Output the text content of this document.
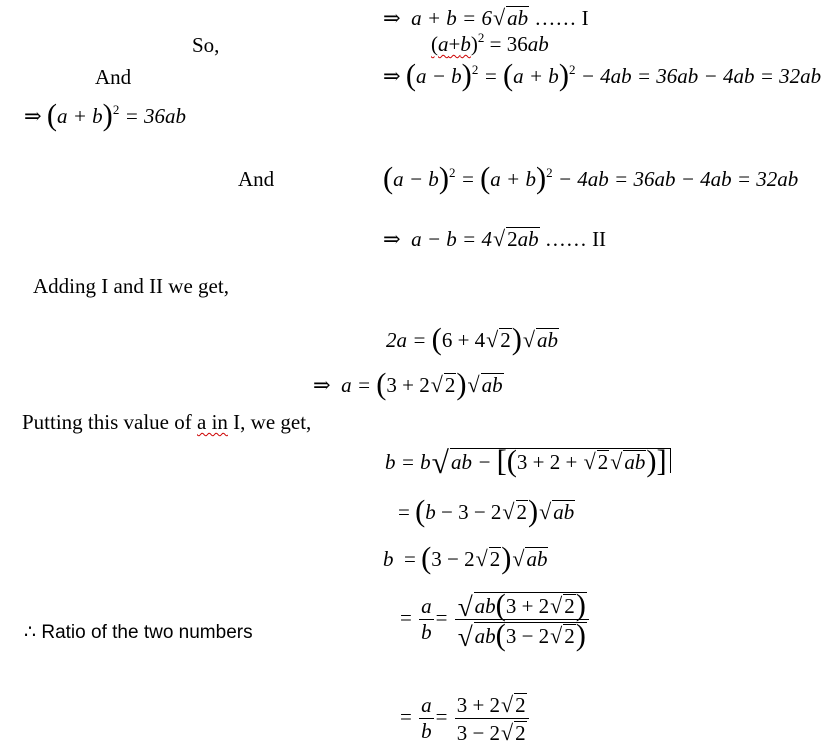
⇒  a + b = 6√ab …… I
So,	$(a+b)^2 = 36ab$
And	⇒ $(a - b)^2 = (a + b)^2 - 4ab = 36ab - 4ab = 32ab$
⇒ $(a + b)^2 = 36ab$
And	$(a - b)^2 = (a + b)^2 - 4ab = 36ab - 4ab = 32ab$
⇒  a − b = 4√2ab …… II
Adding I and II we get,
2a = (6 + 4√2)√ab
⇒  a = (3 + 2√2)√ab
Putting this value of a in I, we get,
b = b√ab − [(3 + 2 + √2√ab)]
= (b − 3 − 2√2)√ab
b  = (3 − 2√2)√ab
∴ Ratio of the two numbers
= $\frac{a}{b} = \frac{√ab(3 + 2√2)}{√ab(3 - 2√2)}$
= $\frac{a}{b} = \frac{3 + 2√2}{3 - 2√2}$
